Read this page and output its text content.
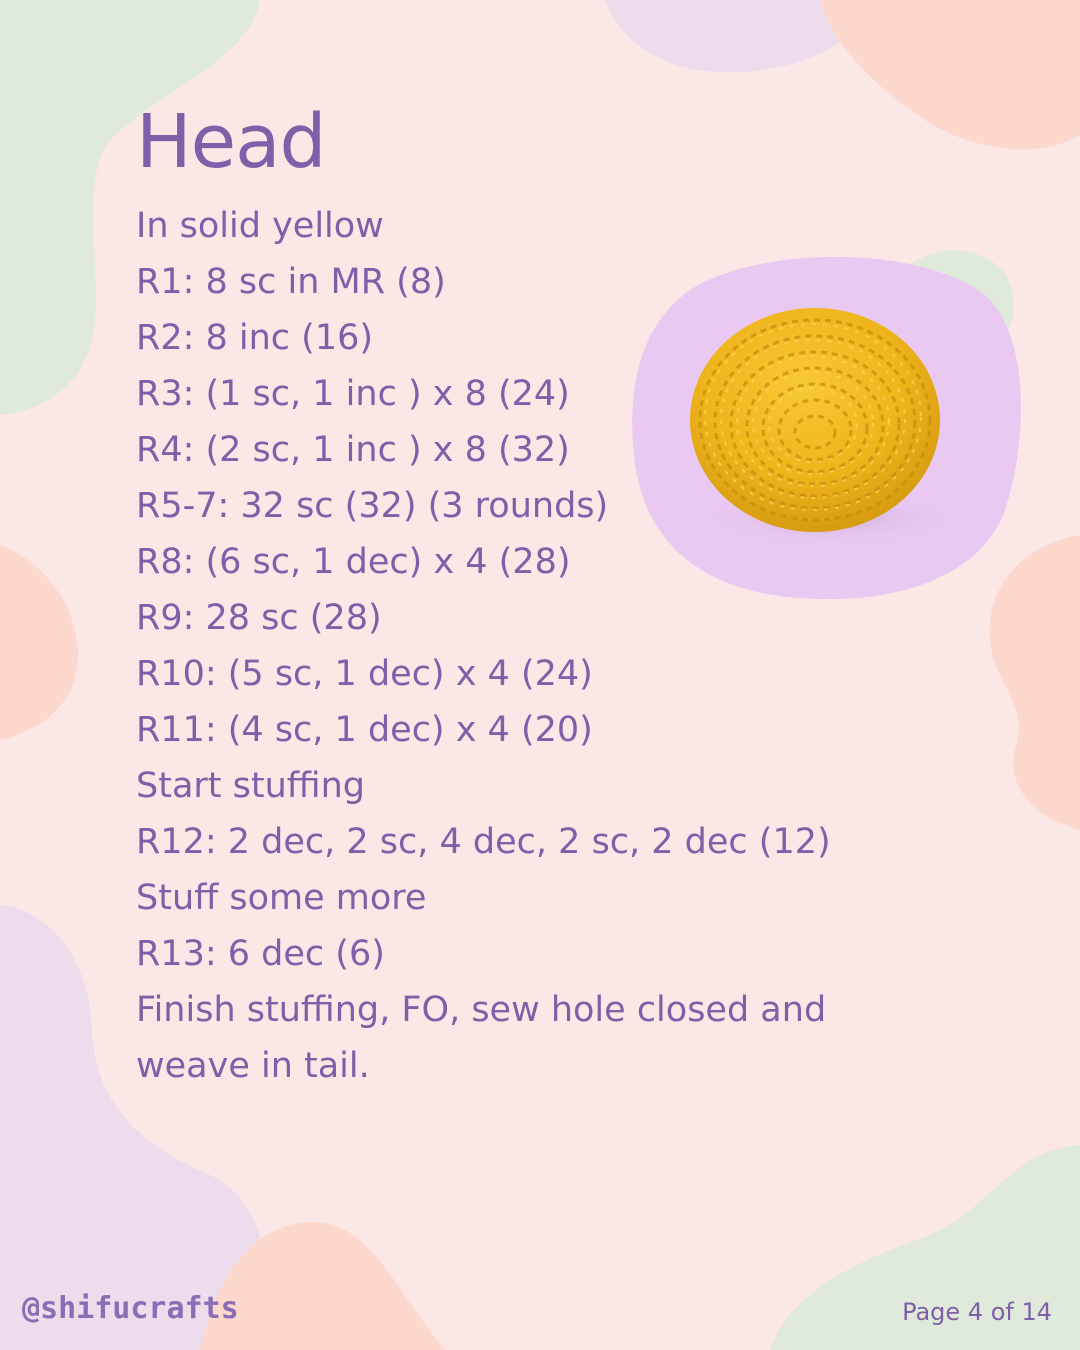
Head
In solid yellow
R1: 8 sc in MR (8)
R2: 8 inc (16)
R3: (1 sc, 1 inc ) x 8 (24)
R4: (2 sc, 1 inc ) x 8 (32)
R5-7: 32 sc (32) (3 rounds)
R8: (6 sc, 1 dec) x 4 (28)
R9: 28 sc (28)
R10: (5 sc, 1 dec) x 4 (24)
R11: (4 sc, 1 dec) x 4 (20)
Start stuffing
R12: 2 dec, 2 sc, 4 dec, 2 sc, 2 dec (12)
Stuff some more
R13: 6 dec (6)
Finish stuffing, FO, sew hole closed and
weave in tail.

@shifucrafts	Page 4 of 14
